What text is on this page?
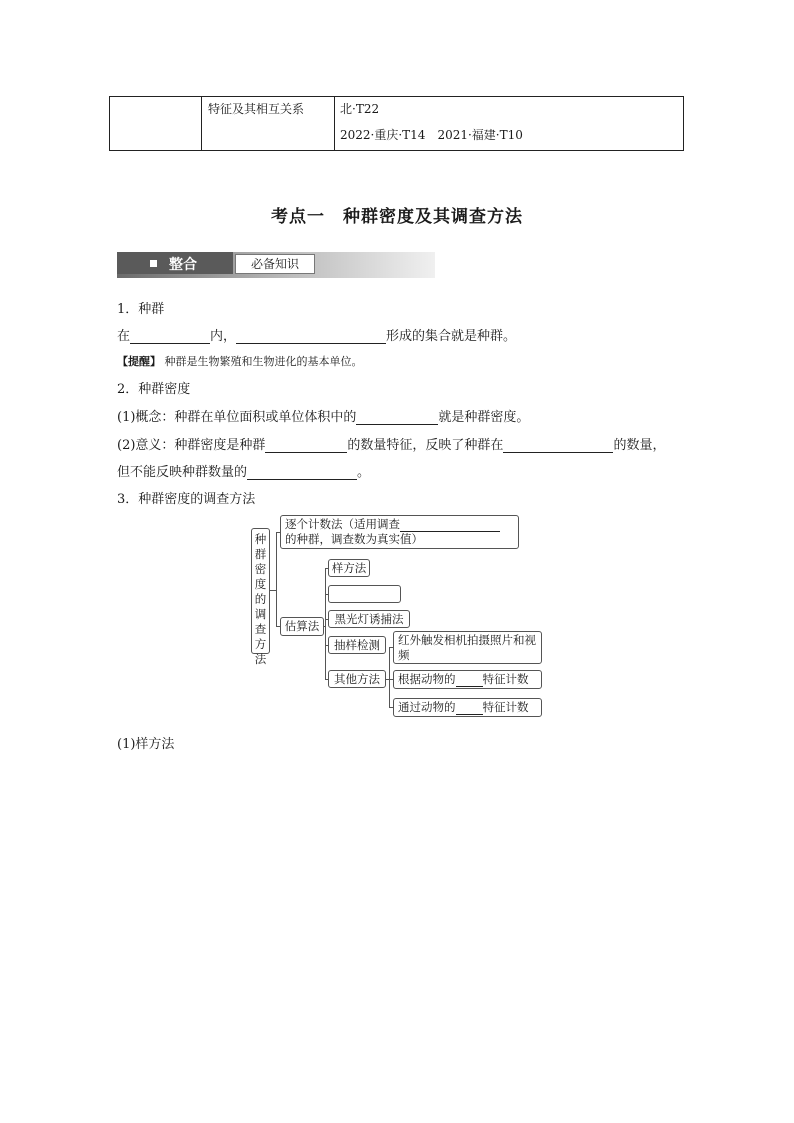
特征及其相互关系	北·T22
2022·重庆·T14　2021·福建·T10
考点一　种群密度及其调查方法
整合	必备知识
1．种群
在	内，	形成的集合就是种群。
【提醒】 种群是生物繁殖和生物进化的基本单位。
2．种群密度
(1)概念：种群在单位面积或单位体积中的	就是种群密度。
(2)意义：种群密度是种群	的数量特征，反映了种群在	的数量，
但不能反映种群数量的	。
3．种群密度的调查方法
种群密度的调查方法
逐个计数法（适用调查
的种群，调查数为真实值）
估算法
样方法
黑光灯诱捕法
抽样检测
其他方法
红外触发相机拍摄照片和视频
根据动物的 特征计数
通过动物的 特征计数
(1)样方法
